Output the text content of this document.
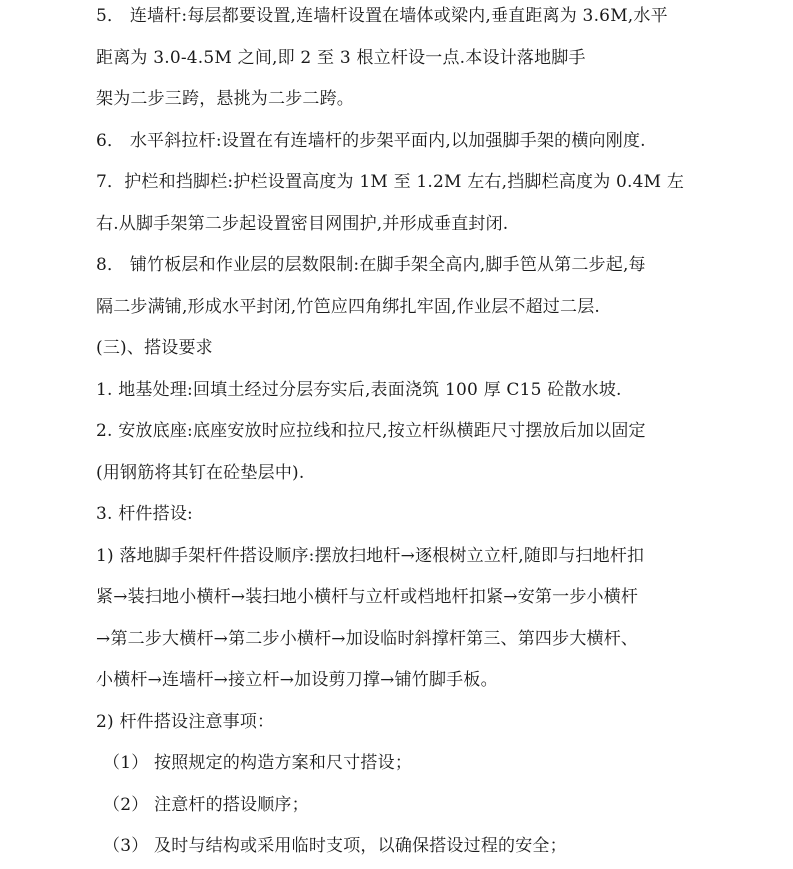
5． 连墙杆:每层都要设置,连墙杆设置在墙体或梁内,垂直距离为 3.6M,水平
距离为 3.0-4.5M 之间,即 2 至 3 根立杆设一点.本设计落地脚手
架为二步三跨，悬挑为二步二跨。
6． 水平斜拉杆:设置在有连墙杆的步架平面内,以加强脚手架的横向刚度.
7．护栏和挡脚栏:护栏设置高度为 1M 至 1.2M 左右,挡脚栏高度为 0.4M 左
右.从脚手架第二步起设置密目网围护,并形成垂直封闭.
8． 铺竹板层和作业层的层数限制:在脚手架全高内,脚手笆从第二步起,每
隔二步满铺,形成水平封闭,竹笆应四角绑扎牢固,作业层不超过二层.
(三)、搭设要求
1. 地基处理:回填土经过分层夯实后,表面浇筑 100 厚 C15 砼散水坡.
2. 安放底座:底座安放时应拉线和拉尺,按立杆纵横距尺寸摆放后加以固定
(用钢筋将其钉在砼垫层中).
3. 杆件搭设:
1) 落地脚手架杆件搭设顺序:摆放扫地杆→逐根树立立杆,随即与扫地杆扣
紧→装扫地小横杆→装扫地小横杆与立杆或档地杆扣紧→安第一步小横杆
→第二步大横杆→第二步小横杆→加设临时斜撑杆第三、第四步大横杆、
小横杆→连墙杆→接立杆→加设剪刀撑→铺竹脚手板。
2) 杆件搭设注意事项：
（1） 按照规定的构造方案和尺寸搭设；
（2） 注意杆的搭设顺序；
（3） 及时与结构或采用临时支项，以确保搭设过程的安全；
